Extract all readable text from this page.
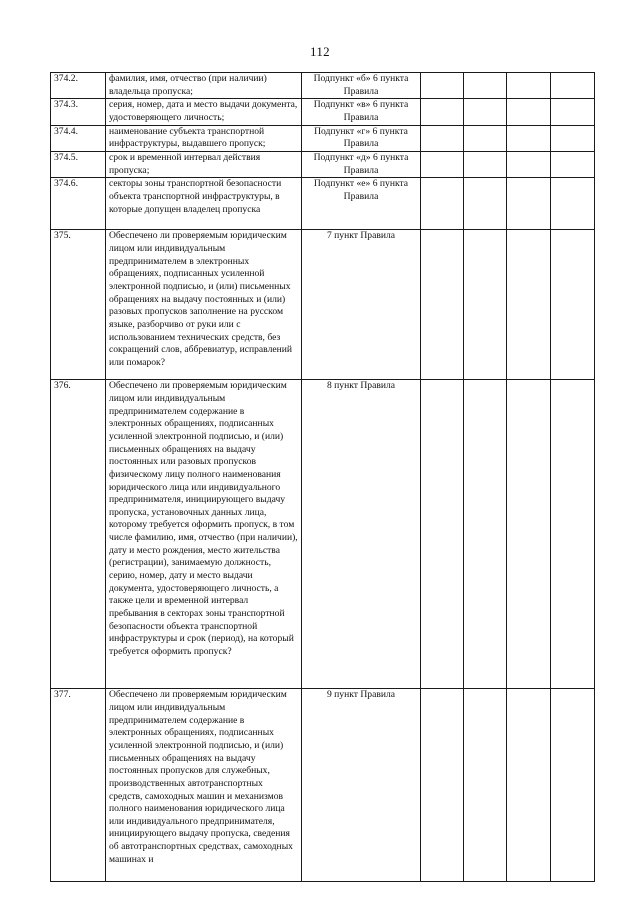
112
374.2.	фамилия, имя, отчество (при наличии) владельца пропуска;	Подпункт «б» 6 пункта Правила				
374.3.	серия, номер, дата и место выдачи документа, удостоверяющего личность;	Подпункт «в» 6 пункта Правила				
374.4.	наименование субъекта транспортной инфраструктуры, выдавшего пропуск;	Подпункт «г» 6 пункта Правила				
374.5.	срок и временной интервал действия пропуска;	Подпункт «д» 6 пункта Правила				
374.6.	секторы зоны транспортной безопасности объекта транспортной инфраструктуры, в которые допущен владелец пропуска	Подпункт «е» 6 пункта Правила				
375.	Обеспечено ли проверяемым юридическим лицом или индивидуальным предпринимателем в электронных обращениях, подписанных усиленной электронной подписью, и (или) письменных обращениях на выдачу постоянных и (или) разовых пропусков заполнение на русском языке, разборчиво от руки или с использованием технических средств, без сокращений слов, аббревиатур, исправлений или помарок?	7 пункт Правила				
376.	Обеспечено ли проверяемым юридическим лицом или индивидуальным предпринимателем содержание в электронных обращениях, подписанных усиленной электронной подписью, и (или) письменных обращениях на выдачу постоянных или разовых пропусков физическому лицу полного наименования юридического лица или индивидуального предпринимателя, инициирующего выдачу пропуска, установочных данных лица, которому требуется оформить пропуск, в том числе фамилию, имя, отчество (при наличии), дату и место рождения, место жительства (регистрации), занимаемую должность, серию, номер, дату и место выдачи документа, удостоверяющего личность, а также цели и временной интервал пребывания в секторах зоны транспортной безопасности объекта транспортной инфраструктуры и срок (период), на который требуется оформить пропуск?	8 пункт Правила				
377.	Обеспечено ли проверяемым юридическим лицом или индивидуальным предпринимателем содержание в электронных обращениях, подписанных усиленной электронной подписью, и (или) письменных обращениях на выдачу постоянных пропусков для служебных, производственных автотранспортных средств, самоходных машин и механизмов полного наименования юридического лица или индивидуального предпринимателя, инициирующего выдачу пропуска, сведения об автотранспортных средствах, самоходных машинах и	9 пункт Правила				
